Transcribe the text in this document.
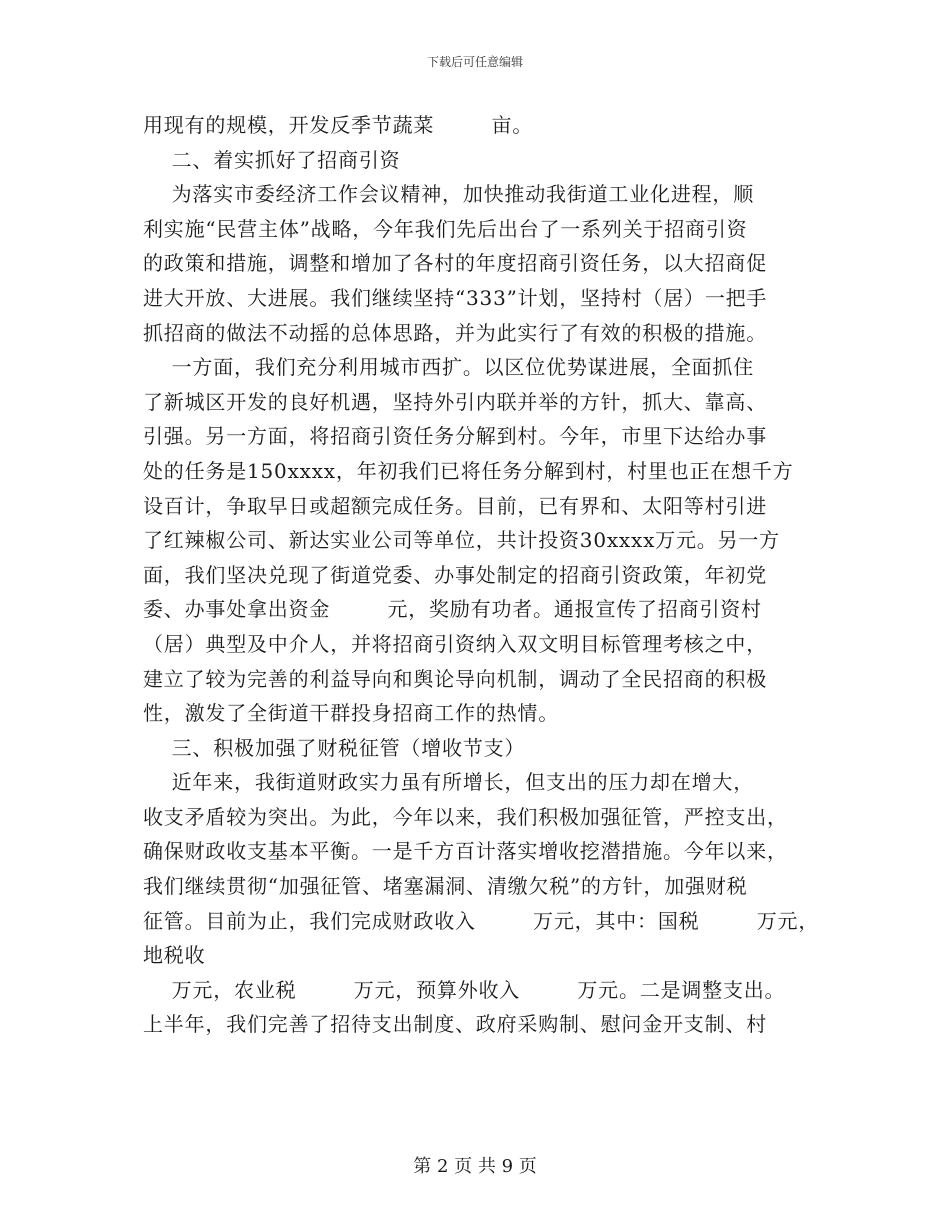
下载后可任意编辑
用现有的规模，开发反季节蔬菜        亩。
二、着实抓好了招商引资
为落实市委经济工作会议精神，加快推动我街道工业化进程，顺
利实施“民营主体”战略，今年我们先后出台了一系列关于招商引资
的政策和措施，调整和增加了各村的年度招商引资任务，以大招商促
进大开放、大进展。我们继续坚持“333”计划，坚持村（居）一把手
抓招商的做法不动摇的总体思路，并为此实行了有效的积极的措施。
一方面，我们充分利用城市西扩。以区位优势谋进展，全面抓住
了新城区开发的良好机遇，坚持外引内联并举的方针，抓大、靠高、
引强。另一方面，将招商引资任务分解到村。今年，市里下达给办事
处的任务是150xxxx，年初我们已将任务分解到村，村里也正在想千方
设百计，争取早日或超额完成任务。目前，已有界和、太阳等村引进
了红辣椒公司、新达实业公司等单位，共计投资30xxxx万元。另一方
面，我们坚决兑现了街道党委、办事处制定的招商引资政策，年初党
委、办事处拿出资金        元，奖励有功者。通报宣传了招商引资村
（居）典型及中介人，并将招商引资纳入双文明目标管理考核之中，
建立了较为完善的利益导向和舆论导向机制，调动了全民招商的积极
性，激发了全街道干群投身招商工作的热情。
三、积极加强了财税征管（增收节支）
近年来，我街道财政实力虽有所增长，但支出的压力却在增大，
收支矛盾较为突出。为此，今年以来，我们积极加强征管，严控支出，
确保财政收支基本平衡。一是千方百计落实增收挖潜措施。今年以来，
我们继续贯彻“加强征管、堵塞漏洞、清缴欠税”的方针，加强财税
征管。目前为止，我们完成财政收入        万元，其中：国税        万元，
地税收
万元，农业税        万元，预算外收入        万元。二是调整支出。
上半年，我们完善了招待支出制度、政府采购制、慰问金开支制、村
第 2 页 共 9 页
